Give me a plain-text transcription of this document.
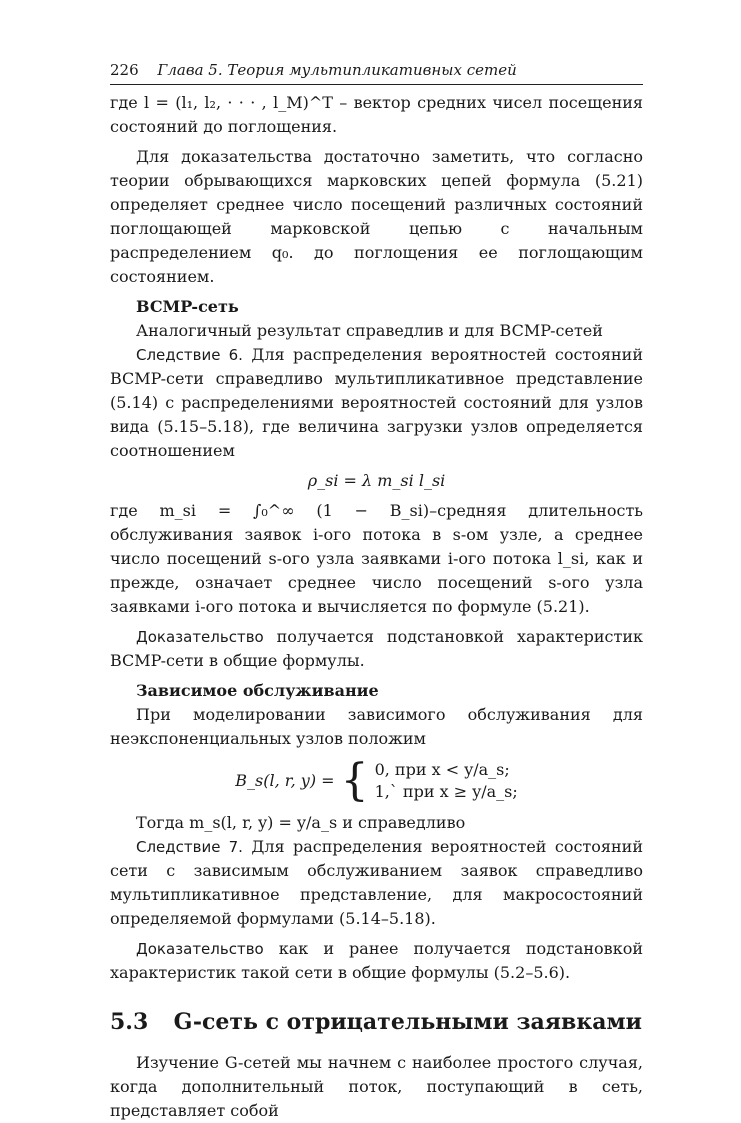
226 Глава 5. Теория мультипликативных сетей

где l = (l₁, l₂, · · · , l_M)^T – вектор средних чисел посещения состояний до поглощения.

Для доказательства достаточно заметить, что согласно теории обрывающихся марковских цепей формула (5.21) определяет среднее число посещений различных состояний поглощающей марковской цепью с начальным распределением q₀. до поглощения ее поглощающим состоянием.

BCMP-сеть

Аналогичный результат справедлив и для BCMP-сетей

Следствие 6. Для распределения вероятностей состояний BCMP-сети справедливо мультипликативное представление (5.14) с распределениями вероятностей состояний для узлов вида (5.15–5.18), где величина загрузки узлов определяется соотношением

ρ_si = λ m_si l_si

где m_si = ∫₀^∞ (1 − B_si)–средняя длительность обслуживания заявок i-ого потока в s-ом узле, а среднее число посещений s-ого узла заявками i-ого потока l_si, как и прежде, означает среднее число посещений s-ого узла заявками i-ого потока и вычисляется по формуле (5.21).

Доказательство получается подстановкой характеристик BCMP-сети в общие формулы.

Зависимое обслуживание

При моделировании зависимого обслуживания для неэкспоненциальных узлов положим

B_s(l, r, y) = { 0, при x < y/a_s;
1,` при x ≥ y/a_s;

Тогда m_s(l, r, y) = y/a_s и справедливо

Следствие 7. Для распределения вероятностей состояний сети с зависимым обслуживанием заявок справедливо мультипликативное представление, для макросостояний определяемой формулами (5.14–5.18).

Доказательство как и ранее получается подстановкой характеристик такой сети в общие формулы (5.2–5.6).

5.3 G-сеть с отрицательными заявками

Изучение G-сетей мы начнем с наиболее простого случая, когда дополнительный поток, поступающий в сеть, представляет собой
